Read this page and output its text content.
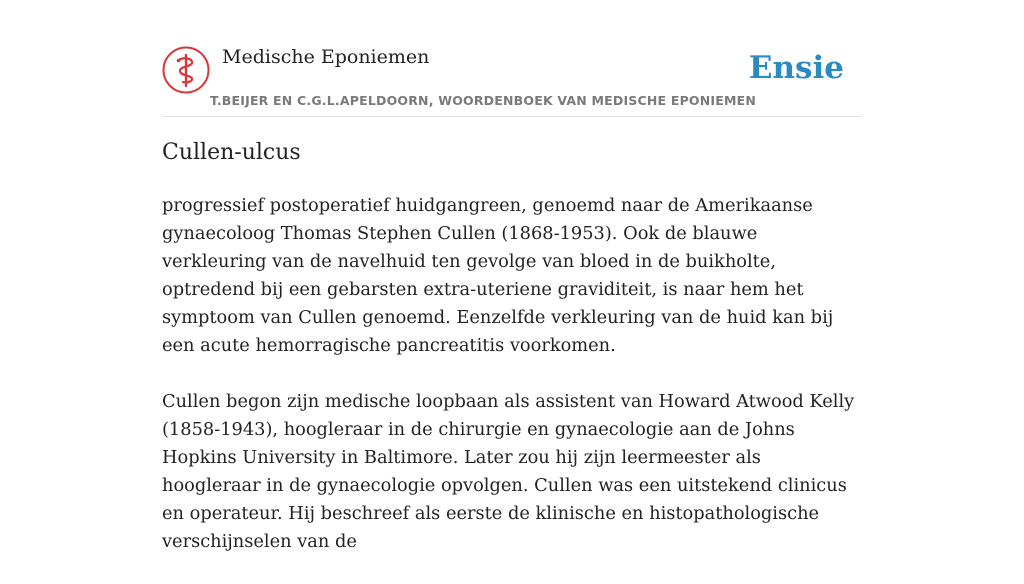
Medische Eponiemen
T.BEIJER EN C.G.L.APELDOORN, WOORDENBOEK VAN MEDISCHE EPONIEMEN
Ensie
Cullen-ulcus

progressief postoperatief huidgangreen, genoemd naar de Amerikaanse gynaecoloog Thomas Stephen Cullen (1868-1953). Ook de blauwe verkleuring van de navelhuid ten gevolge van bloed in de buikholte, optredend bij een gebarsten extra-uteriene graviditeit, is naar hem het symptoom van Cullen genoemd. Eenzelfde verkleuring van de huid kan bij een acute hemorragische pancreatitis voorkomen.

Cullen begon zijn medische loopbaan als assistent van Howard Atwood Kelly (1858-1943), hoogleraar in de chirurgie en gynaecologie aan de Johns Hopkins University in Baltimore. Later zou hij zijn leermeester als hoogleraar in de gynaecologie opvolgen. Cullen was een uitstekend clinicus en operateur. Hij beschreef als eerste de klinische en histopathologische verschijnselen van de
